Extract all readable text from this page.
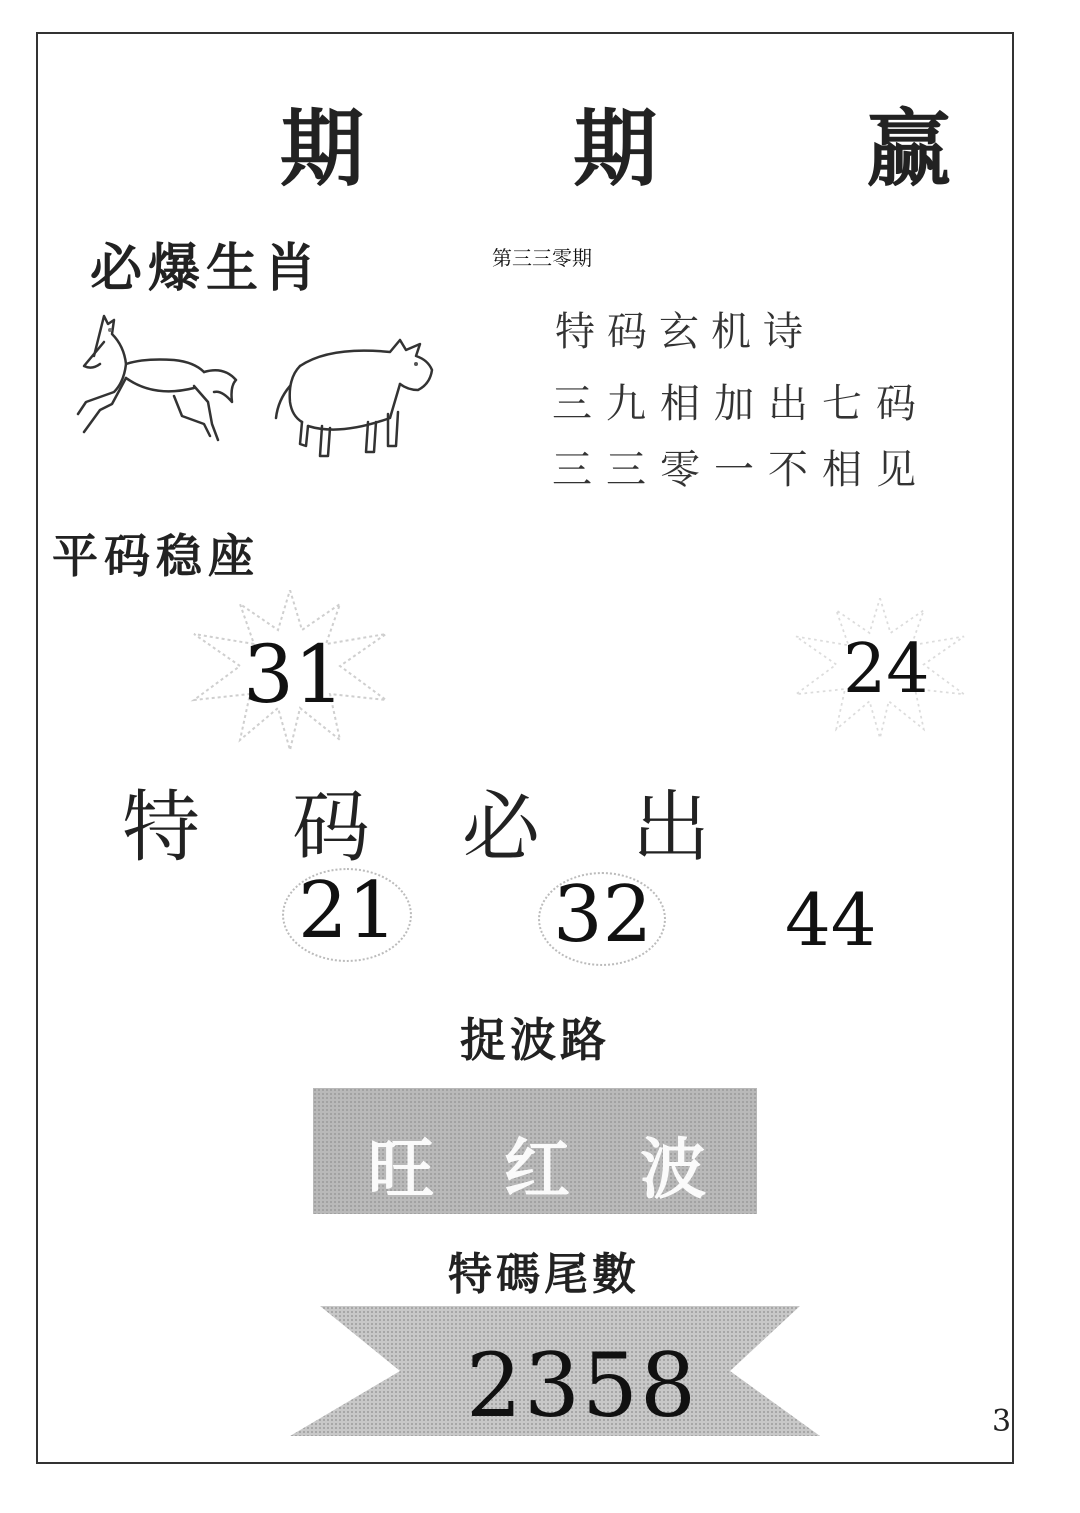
期 期 赢
必爆生肖	第三三零期
特码玄机诗
三九相加出七码
三三零一不相见
平码稳座
31	24
特码必出
21 32 44
捉波路
旺红波
特碼尾數
2358	3
